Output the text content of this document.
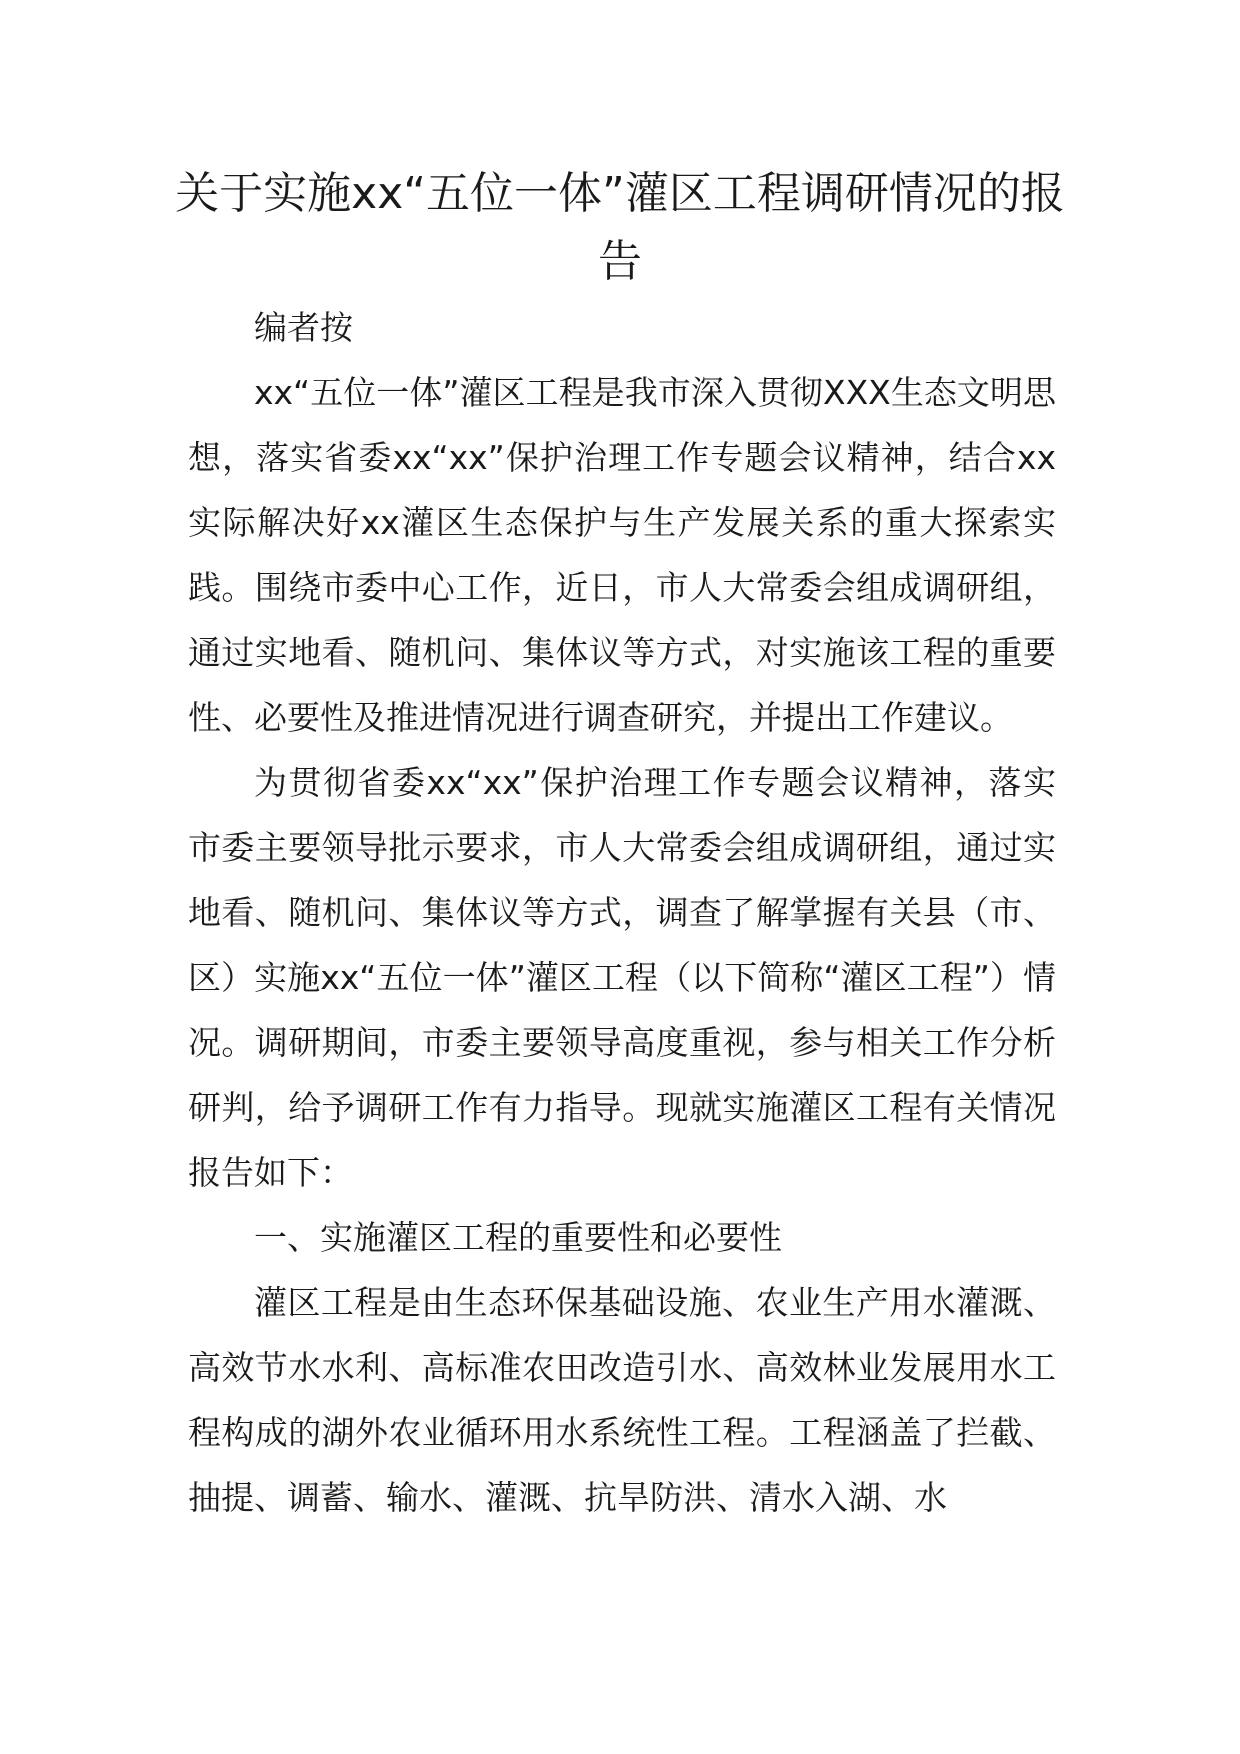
关于实施xx“五位一体”灌区工程调研情况的报告

编者按

xx“五位一体”灌区工程是我市深入贯彻XXX生态文明思想，落实省委xx“xx”保护治理工作专题会议精神，结合xx实际解决好xx灌区生态保护与生产发展关系的重大探索实践。围绕市委中心工作，近日，市人大常委会组成调研组，通过实地看、随机问、集体议等方式，对实施该工程的重要性、必要性及推进情况进行调查研究，并提出工作建议。

为贯彻省委xx“xx”保护治理工作专题会议精神，落实市委主要领导批示要求，市人大常委会组成调研组，通过实地看、随机问、集体议等方式，调查了解掌握有关县（市、区）实施xx“五位一体”灌区工程（以下简称“灌区工程”）情况。调研期间，市委主要领导高度重视，参与相关工作分析研判，给予调研工作有力指导。现就实施灌区工程有关情况报告如下：

一、实施灌区工程的重要性和必要性

灌区工程是由生态环保基础设施、农业生产用水灌溉、高效节水水利、高标准农田改造引水、高效林业发展用水工程构成的湖外农业循环用水系统性工程。工程涵盖了拦截、抽提、调蓄、输水、灌溉、抗旱防洪、清水入湖、水
